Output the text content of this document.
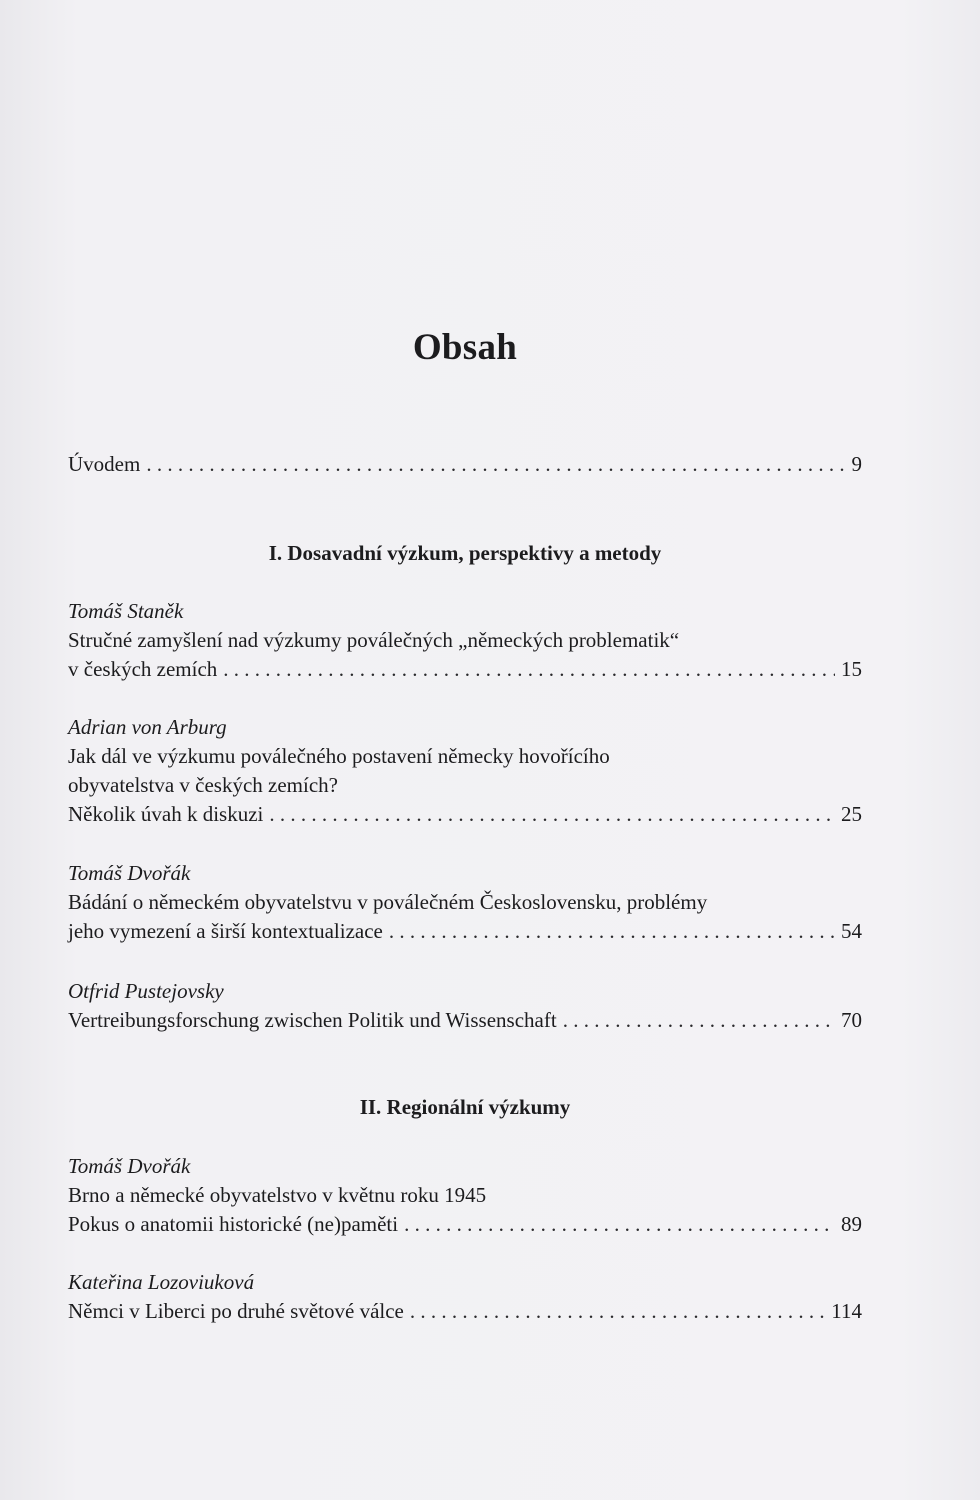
Obsah
Úvodem . . .	9
I. Dosavadní výzkum, perspektivy a metody
Tomáš Staněk
Stručné zamyšlení nad výzkumy poválečných „německých problematik“
v českých zemích . . .	15
Adrian von Arburg
Jak dál ve výzkumu poválečného postavení německy hovořícího
obyvatelstva v českých zemích?
Několik úvah k diskuzi . . .	25
Tomáš Dvořák
Bádání o německém obyvatelstvu v poválečném Československu, problémy
jeho vymezení a širší kontextualizace . . .	54
Otfrid Pustejovsky
Vertreibungsforschung zwischen Politik und Wissenschaft . . .	70
II. Regionální výzkumy
Tomáš Dvořák
Brno a německé obyvatelstvo v květnu roku 1945
Pokus o anatomii historické (ne)paměti . . .	89
Kateřina Lozoviuková
Němci v Liberci po druhé světové válce . . .	114
